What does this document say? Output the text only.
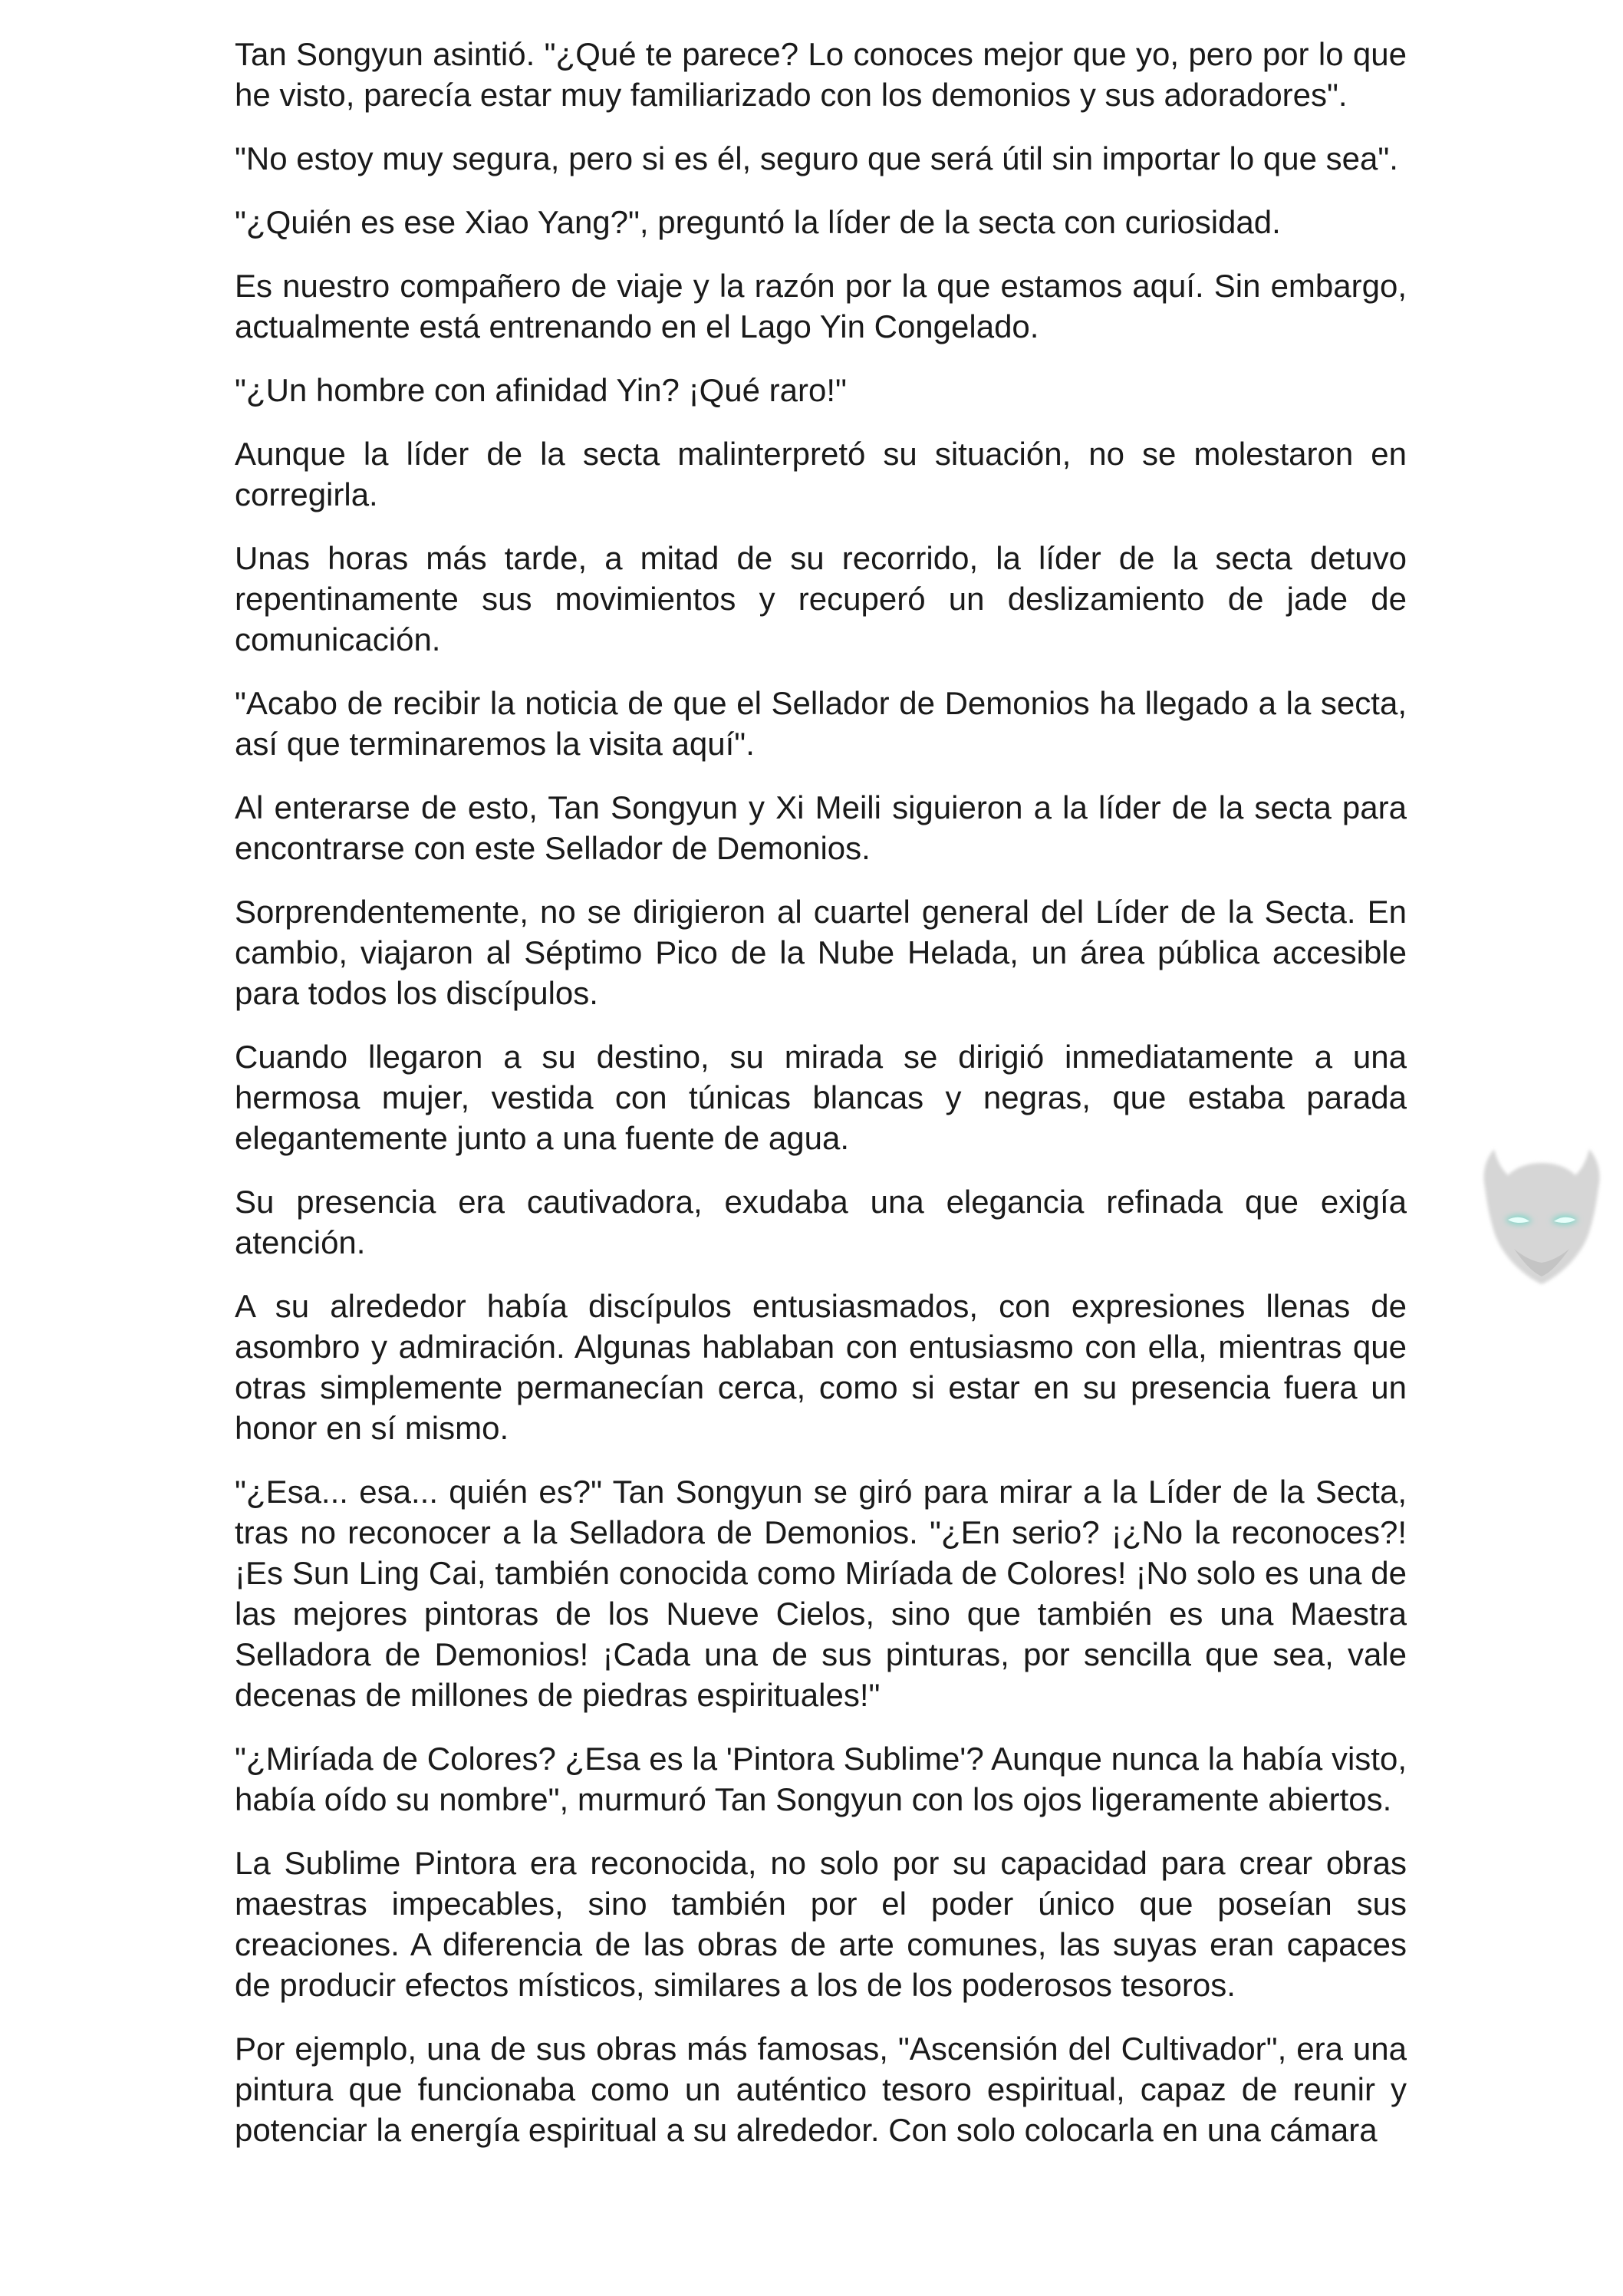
Tan Songyun asintió. "¿Qué te parece? Lo conoces mejor que yo, pero por lo que he visto, parecía estar muy familiarizado con los demonios y sus adoradores".

"No estoy muy segura, pero si es él, seguro que será útil sin importar lo que sea".

"¿Quién es ese Xiao Yang?", preguntó la líder de la secta con curiosidad.

Es nuestro compañero de viaje y la razón por la que estamos aquí. Sin embargo, actualmente está entrenando en el Lago Yin Congelado.

"¿Un hombre con afinidad Yin? ¡Qué raro!"

Aunque la líder de la secta malinterpretó su situación, no se molestaron en corregirla.

Unas horas más tarde, a mitad de su recorrido, la líder de la secta detuvo repentinamente sus movimientos y recuperó un deslizamiento de jade de comunicación.

"Acabo de recibir la noticia de que el Sellador de Demonios ha llegado a la secta, así que terminaremos la visita aquí".

Al enterarse de esto, Tan Songyun y Xi Meili siguieron a la líder de la secta para encontrarse con este Sellador de Demonios.

Sorprendentemente, no se dirigieron al cuartel general del Líder de la Secta. En cambio, viajaron al Séptimo Pico de la Nube Helada, un área pública accesible para todos los discípulos.

Cuando llegaron a su destino, su mirada se dirigió inmediatamente a una hermosa mujer, vestida con túnicas blancas y negras, que estaba parada elegantemente junto a una fuente de agua.

Su presencia era cautivadora, exudaba una elegancia refinada que exigía atención.

A su alrededor había discípulos entusiasmados, con expresiones llenas de asombro y admiración. Algunas hablaban con entusiasmo con ella, mientras que otras simplemente permanecían cerca, como si estar en su presencia fuera un honor en sí mismo.

"¿Esa... esa... quién es?" Tan Songyun se giró para mirar a la Líder de la Secta, tras no reconocer a la Selladora de Demonios. "¿En serio? ¡¿No la reconoces?! ¡Es Sun Ling Cai, también conocida como Miríada de Colores! ¡No solo es una de las mejores pintoras de los Nueve Cielos, sino que también es una Maestra Selladora de Demonios! ¡Cada una de sus pinturas, por sencilla que sea, vale decenas de millones de piedras espirituales!"

"¿Miríada de Colores? ¿Esa es la 'Pintora Sublime'? Aunque nunca la había visto, había oído su nombre", murmuró Tan Songyun con los ojos ligeramente abiertos.

La Sublime Pintora era reconocida, no solo por su capacidad para crear obras maestras impecables, sino también por el poder único que poseían sus creaciones. A diferencia de las obras de arte comunes, las suyas eran capaces de producir efectos místicos, similares a los de los poderosos tesoros.

Por ejemplo, una de sus obras más famosas, "Ascensión del Cultivador", era una pintura que funcionaba como un auténtico tesoro espiritual, capaz de reunir y potenciar la energía espiritual a su alrededor. Con solo colocarla en una cámara
